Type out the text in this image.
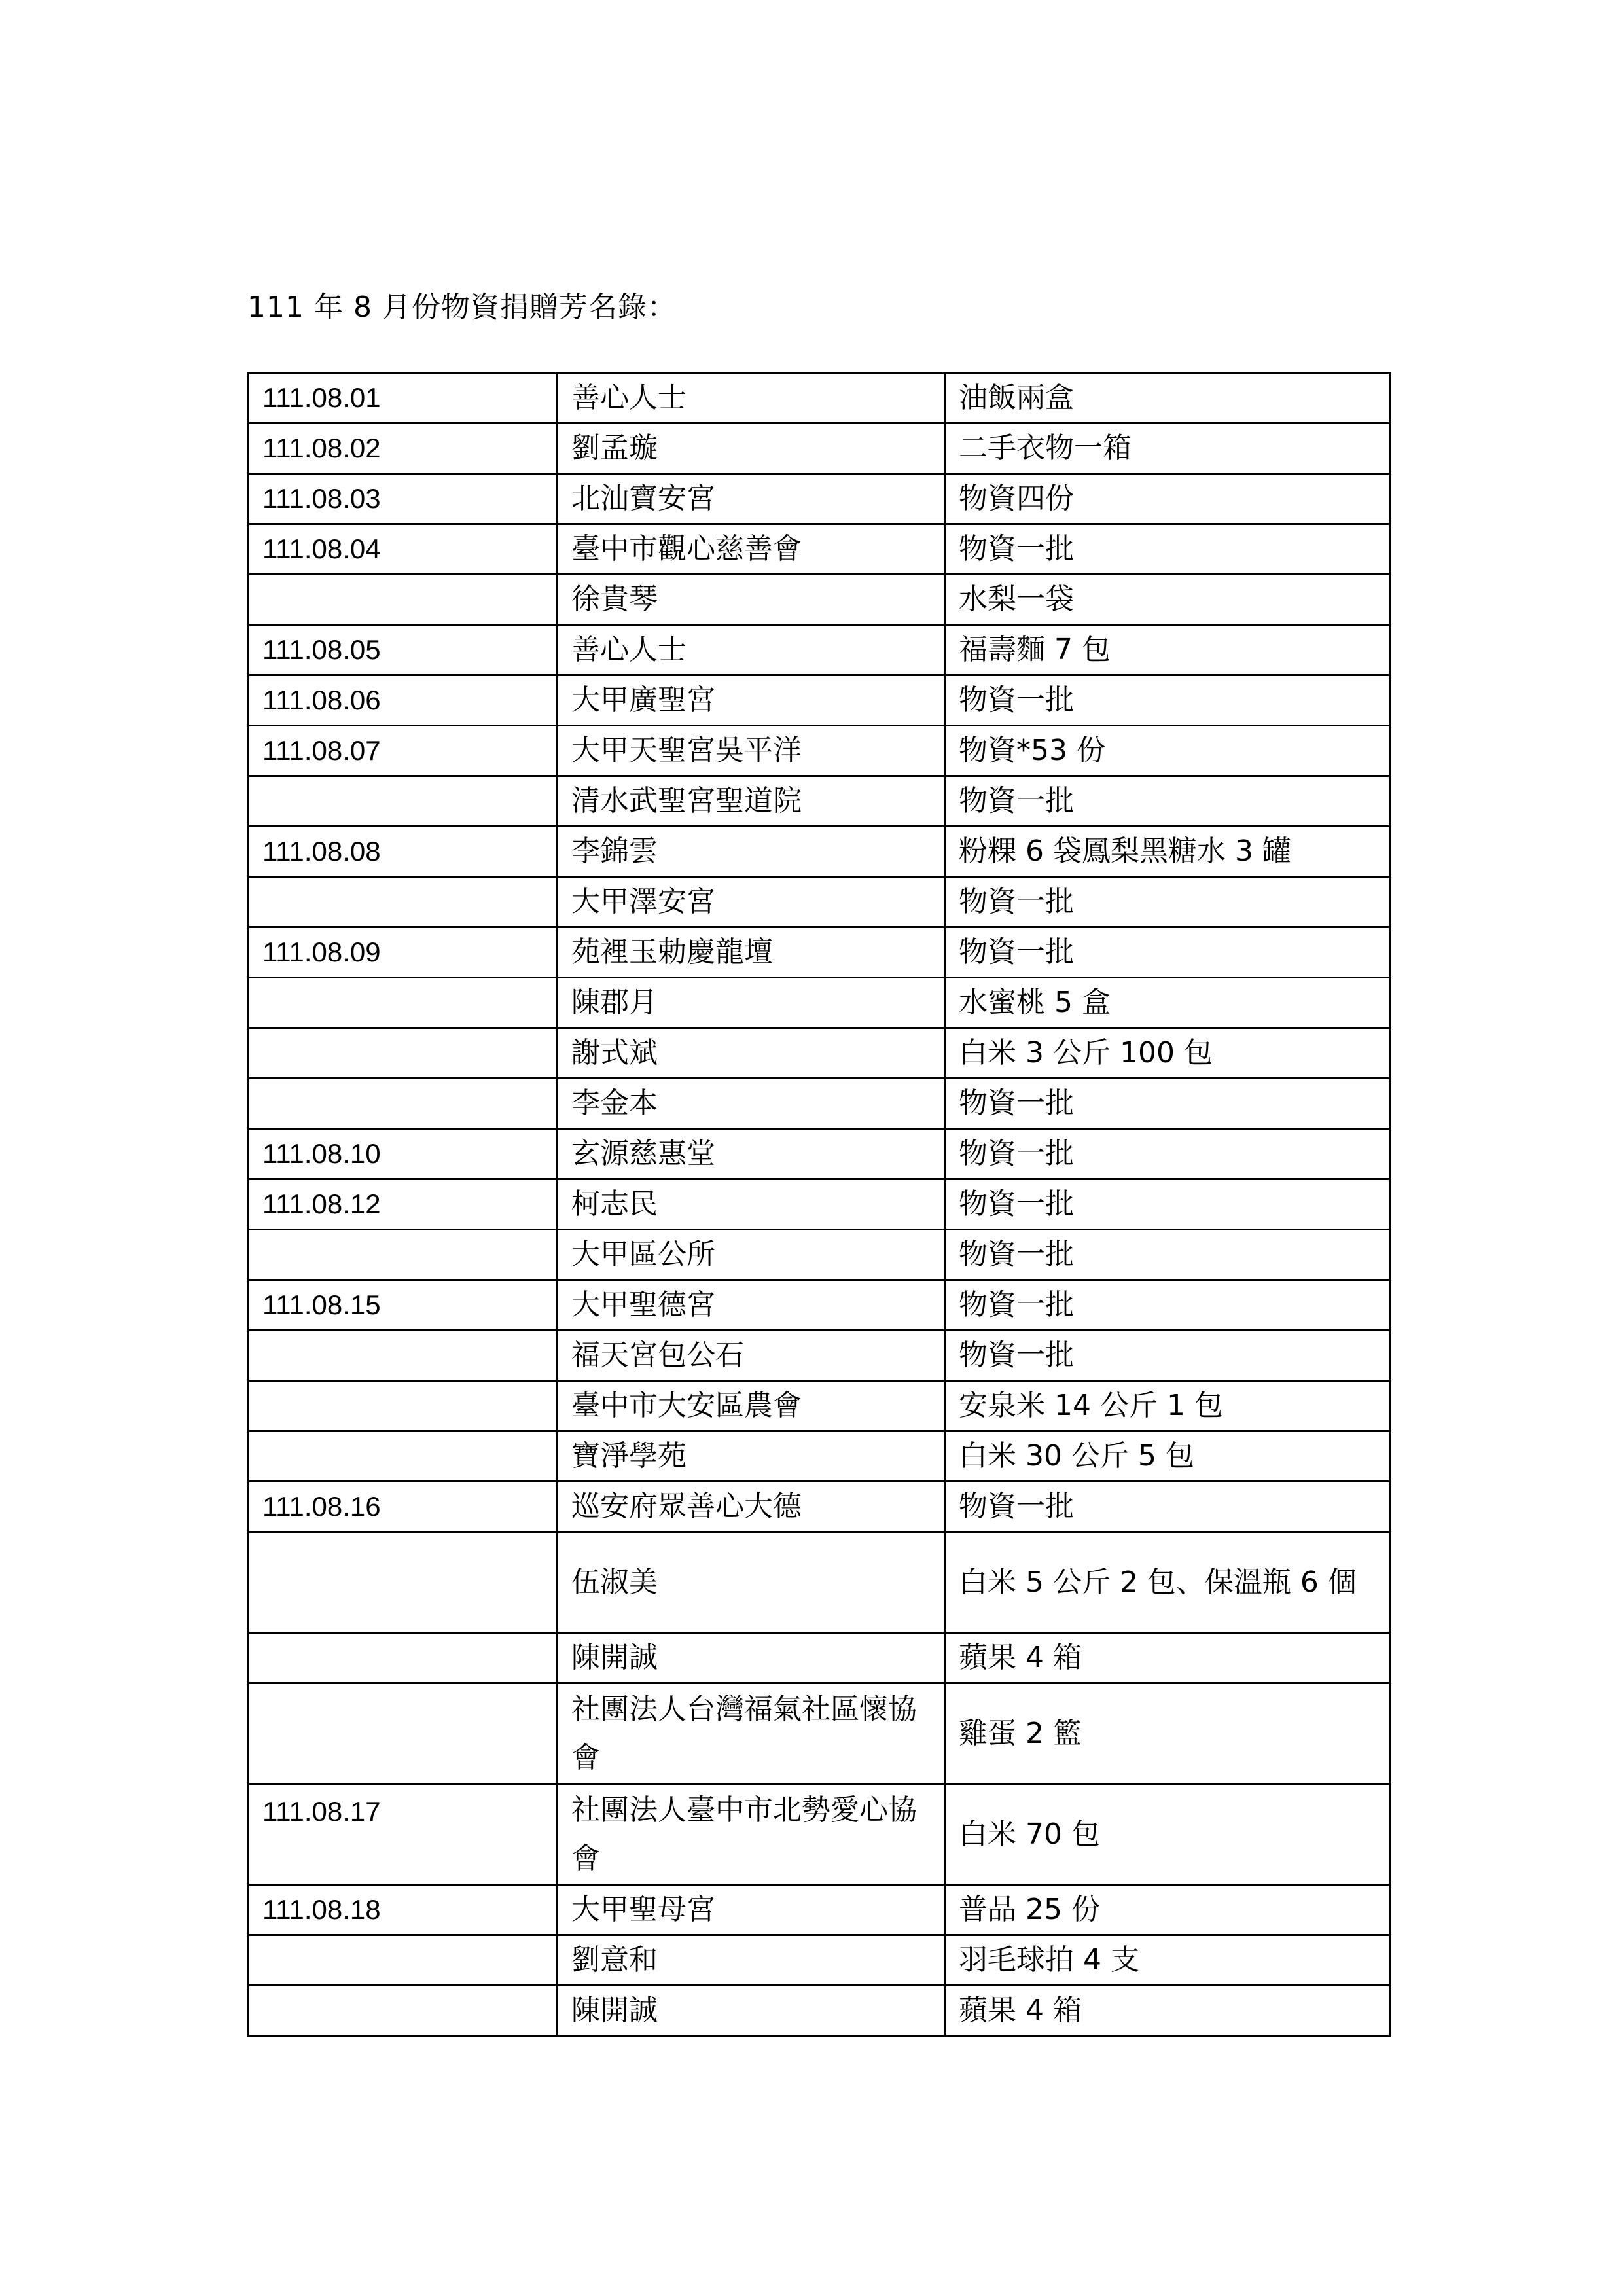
111 年 8 月份物資捐贈芳名錄：
111.08.01	善心人士	油飯兩盒
111.08.02	劉孟璇	二手衣物一箱
111.08.03	北汕寶安宮	物資四份
111.08.04	臺中市觀心慈善會	物資一批
	徐貴琴	水梨一袋
111.08.05	善心人士	福壽麵 7 包
111.08.06	大甲廣聖宮	物資一批
111.08.07	大甲天聖宮吳平洋	物資*53 份
	清水武聖宮聖道院	物資一批
111.08.08	李錦雲	粉粿 6 袋鳳梨黑糖水 3 罐
	大甲澤安宮	物資一批
111.08.09	苑裡玉勅慶龍壇	物資一批
	陳郡月	水蜜桃 5 盒
	謝式斌	白米 3 公斤 100 包
	李金本	物資一批
111.08.10	玄源慈惠堂	物資一批
111.08.12	柯志民	物資一批
	大甲區公所	物資一批
111.08.15	大甲聖德宮	物資一批
	福天宮包公石	物資一批
	臺中市大安區農會	安泉米 14 公斤 1 包
	寶淨學苑	白米 30 公斤 5 包
111.08.16	巡安府眾善心大德	物資一批
	伍淑美	白米 5 公斤 2 包、保溫瓶 6 個
	陳開誠	蘋果 4 箱
	社團法人台灣福氣社區懷協會	雞蛋 2 籃
111.08.17	社團法人臺中市北勢愛心協會	白米 70 包
111.08.18	大甲聖母宮	普品 25 份
	劉意和	羽毛球拍 4 支
	陳開誠	蘋果 4 箱
